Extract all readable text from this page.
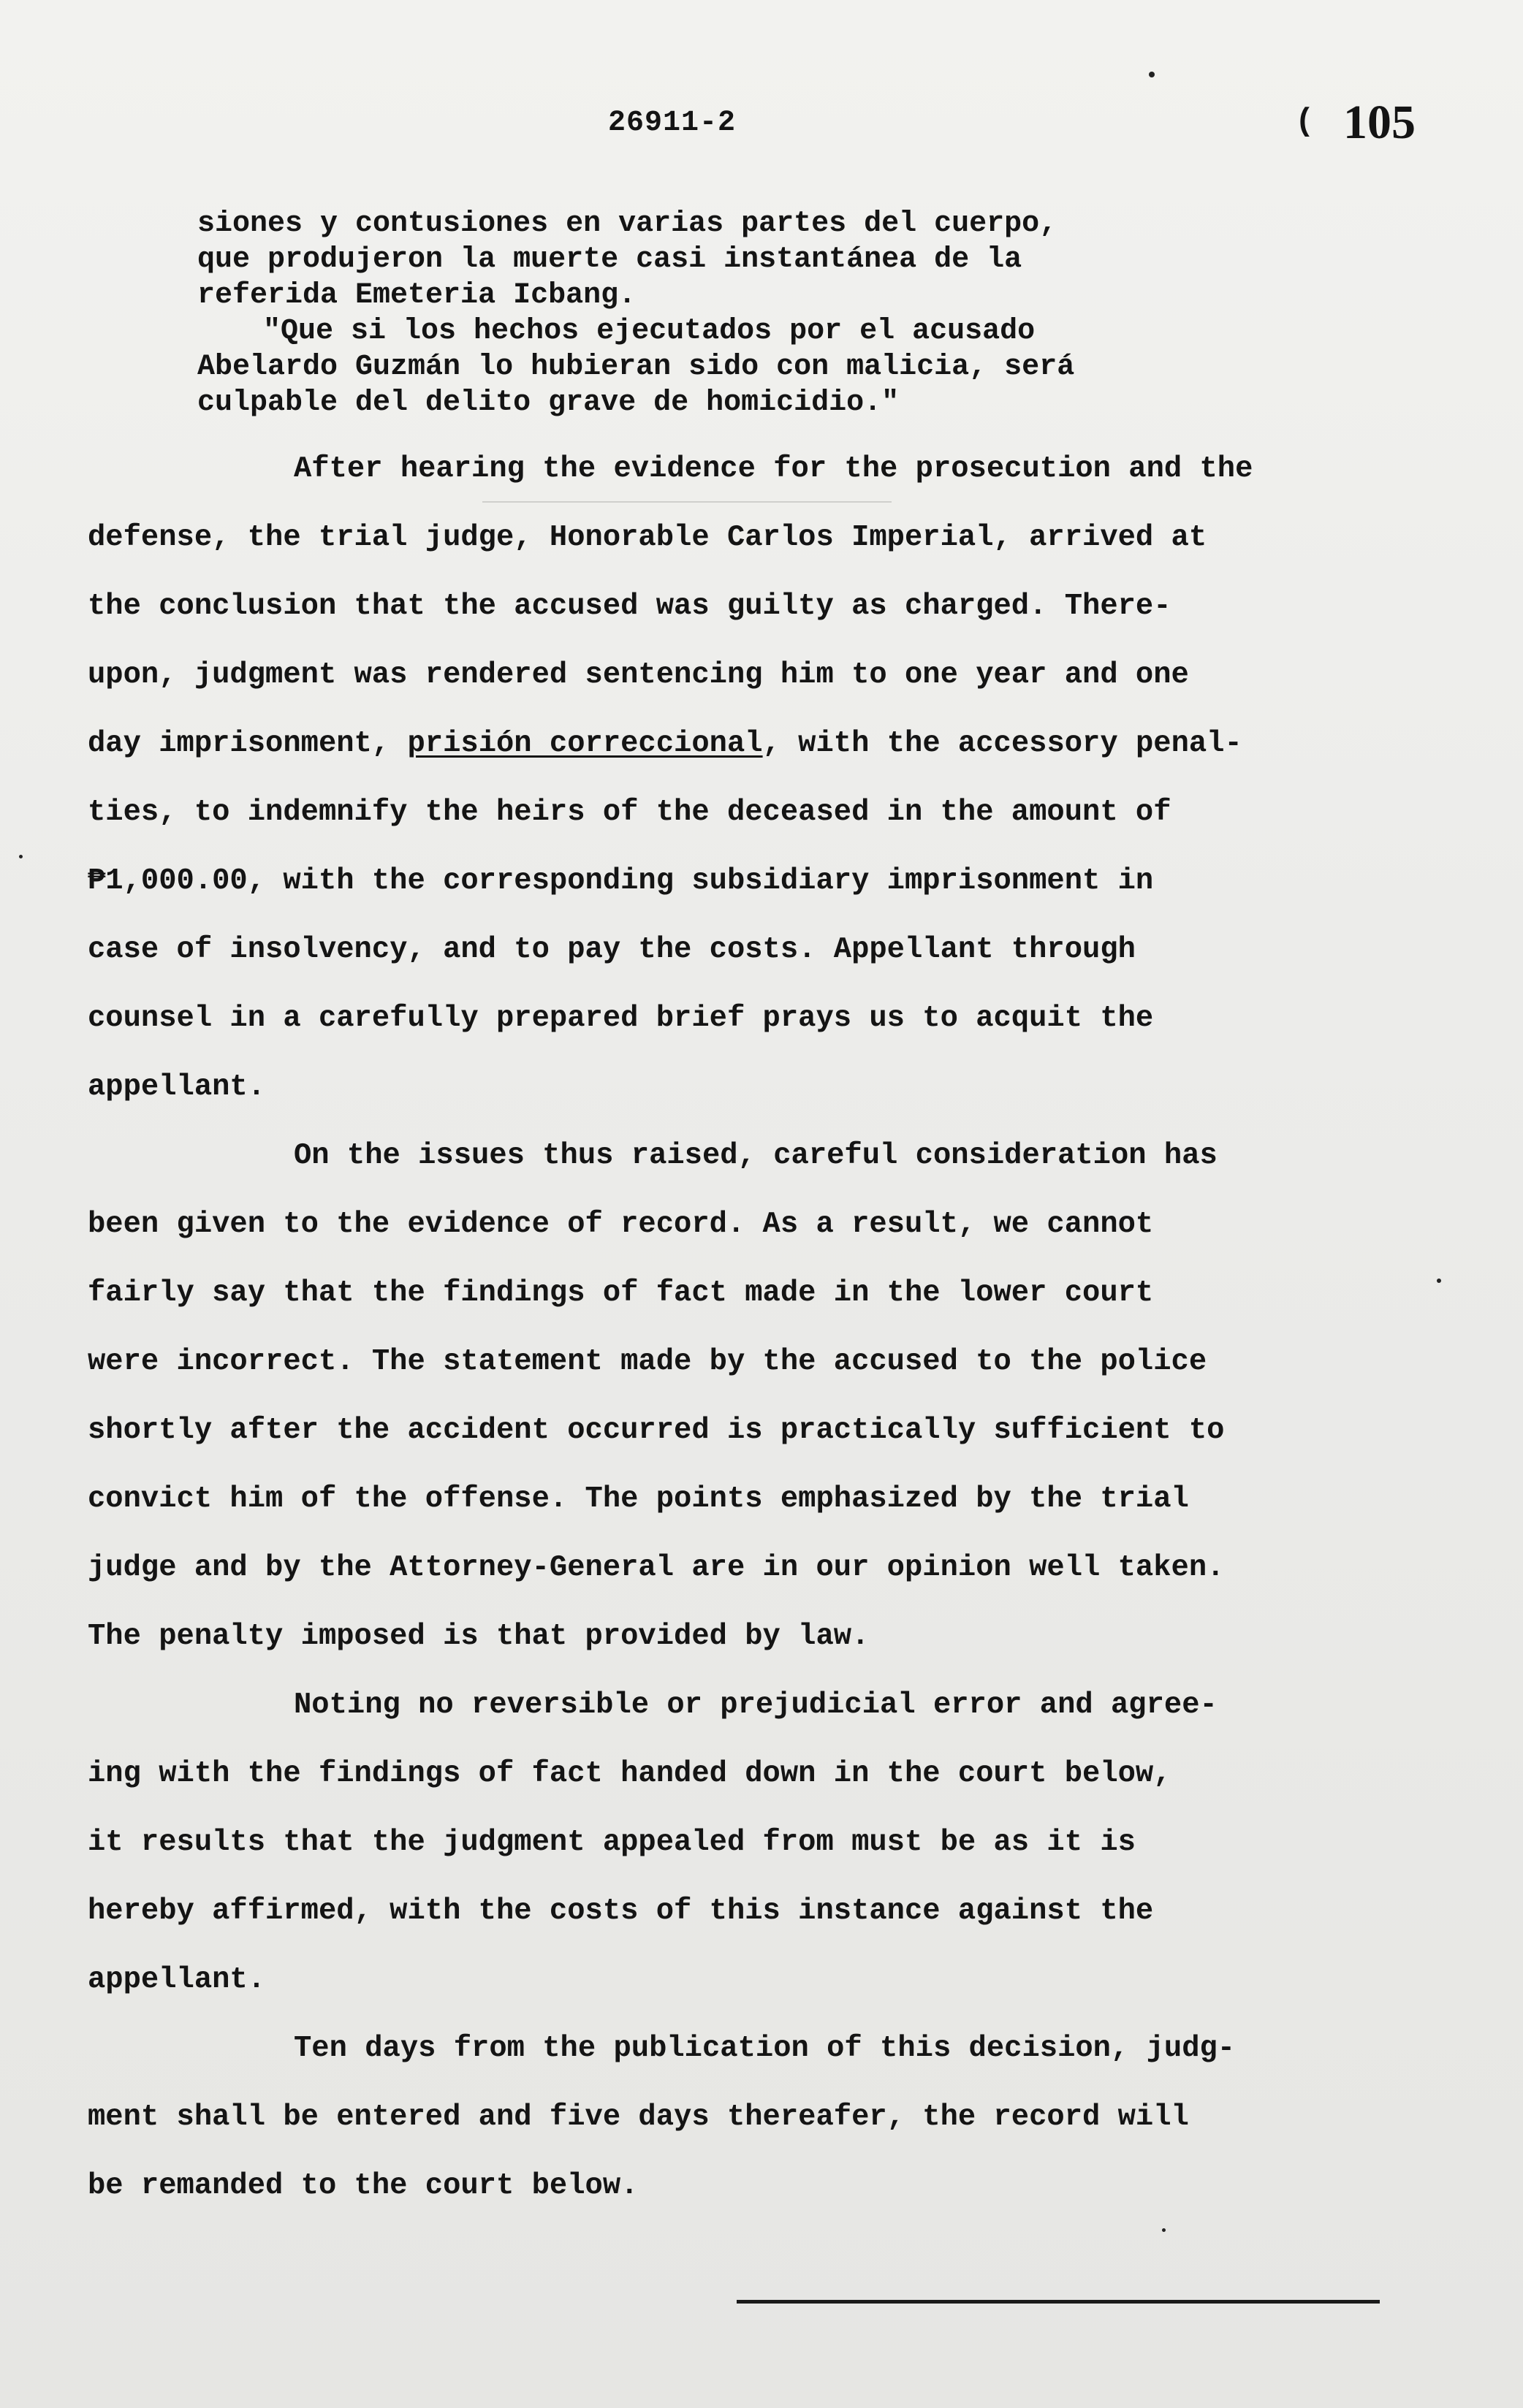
26911-2	( 105
siones y contusiones en varias partes del cuerpo,
que produjeron la muerte casi instantánea de la
referida Emeteria Icbang.
"Que si los hechos ejecutados por el acusado
Abelardo Guzmán lo hubieran sido con malicia, será
culpable del delito grave de homicidio."
After hearing the evidence for the prosecution and the
defense, the trial judge, Honorable Carlos Imperial, arrived at
the conclusion that the accused was guilty as charged. There-
upon, judgment was rendered sentencing him to one year and one
day imprisonment, prisión correccional, with the accessory penal-
ties, to indemnify the heirs of the deceased in the amount of
₱1,000.00, with the corresponding subsidiary imprisonment in
case of insolvency, and to pay the costs. Appellant through
counsel in a carefully prepared brief prays us to acquit the
appellant.
On the issues thus raised, careful consideration has
been given to the evidence of record. As a result, we cannot
fairly say that the findings of fact made in the lower court
were incorrect. The statement made by the accused to the police
shortly after the accident occurred is practically sufficient to
convict him of the offense. The points emphasized by the trial
judge and by the Attorney-General are in our opinion well taken.
The penalty imposed is that provided by law.
Noting no reversible or prejudicial error and agree-
ing with the findings of fact handed down in the court below,
it results that the judgment appealed from must be as it is
hereby affirmed, with the costs of this instance against the
appellant.
Ten days from the publication of this decision, judg-
ment shall be entered and five days thereafer, the record will
be remanded to the court below.
